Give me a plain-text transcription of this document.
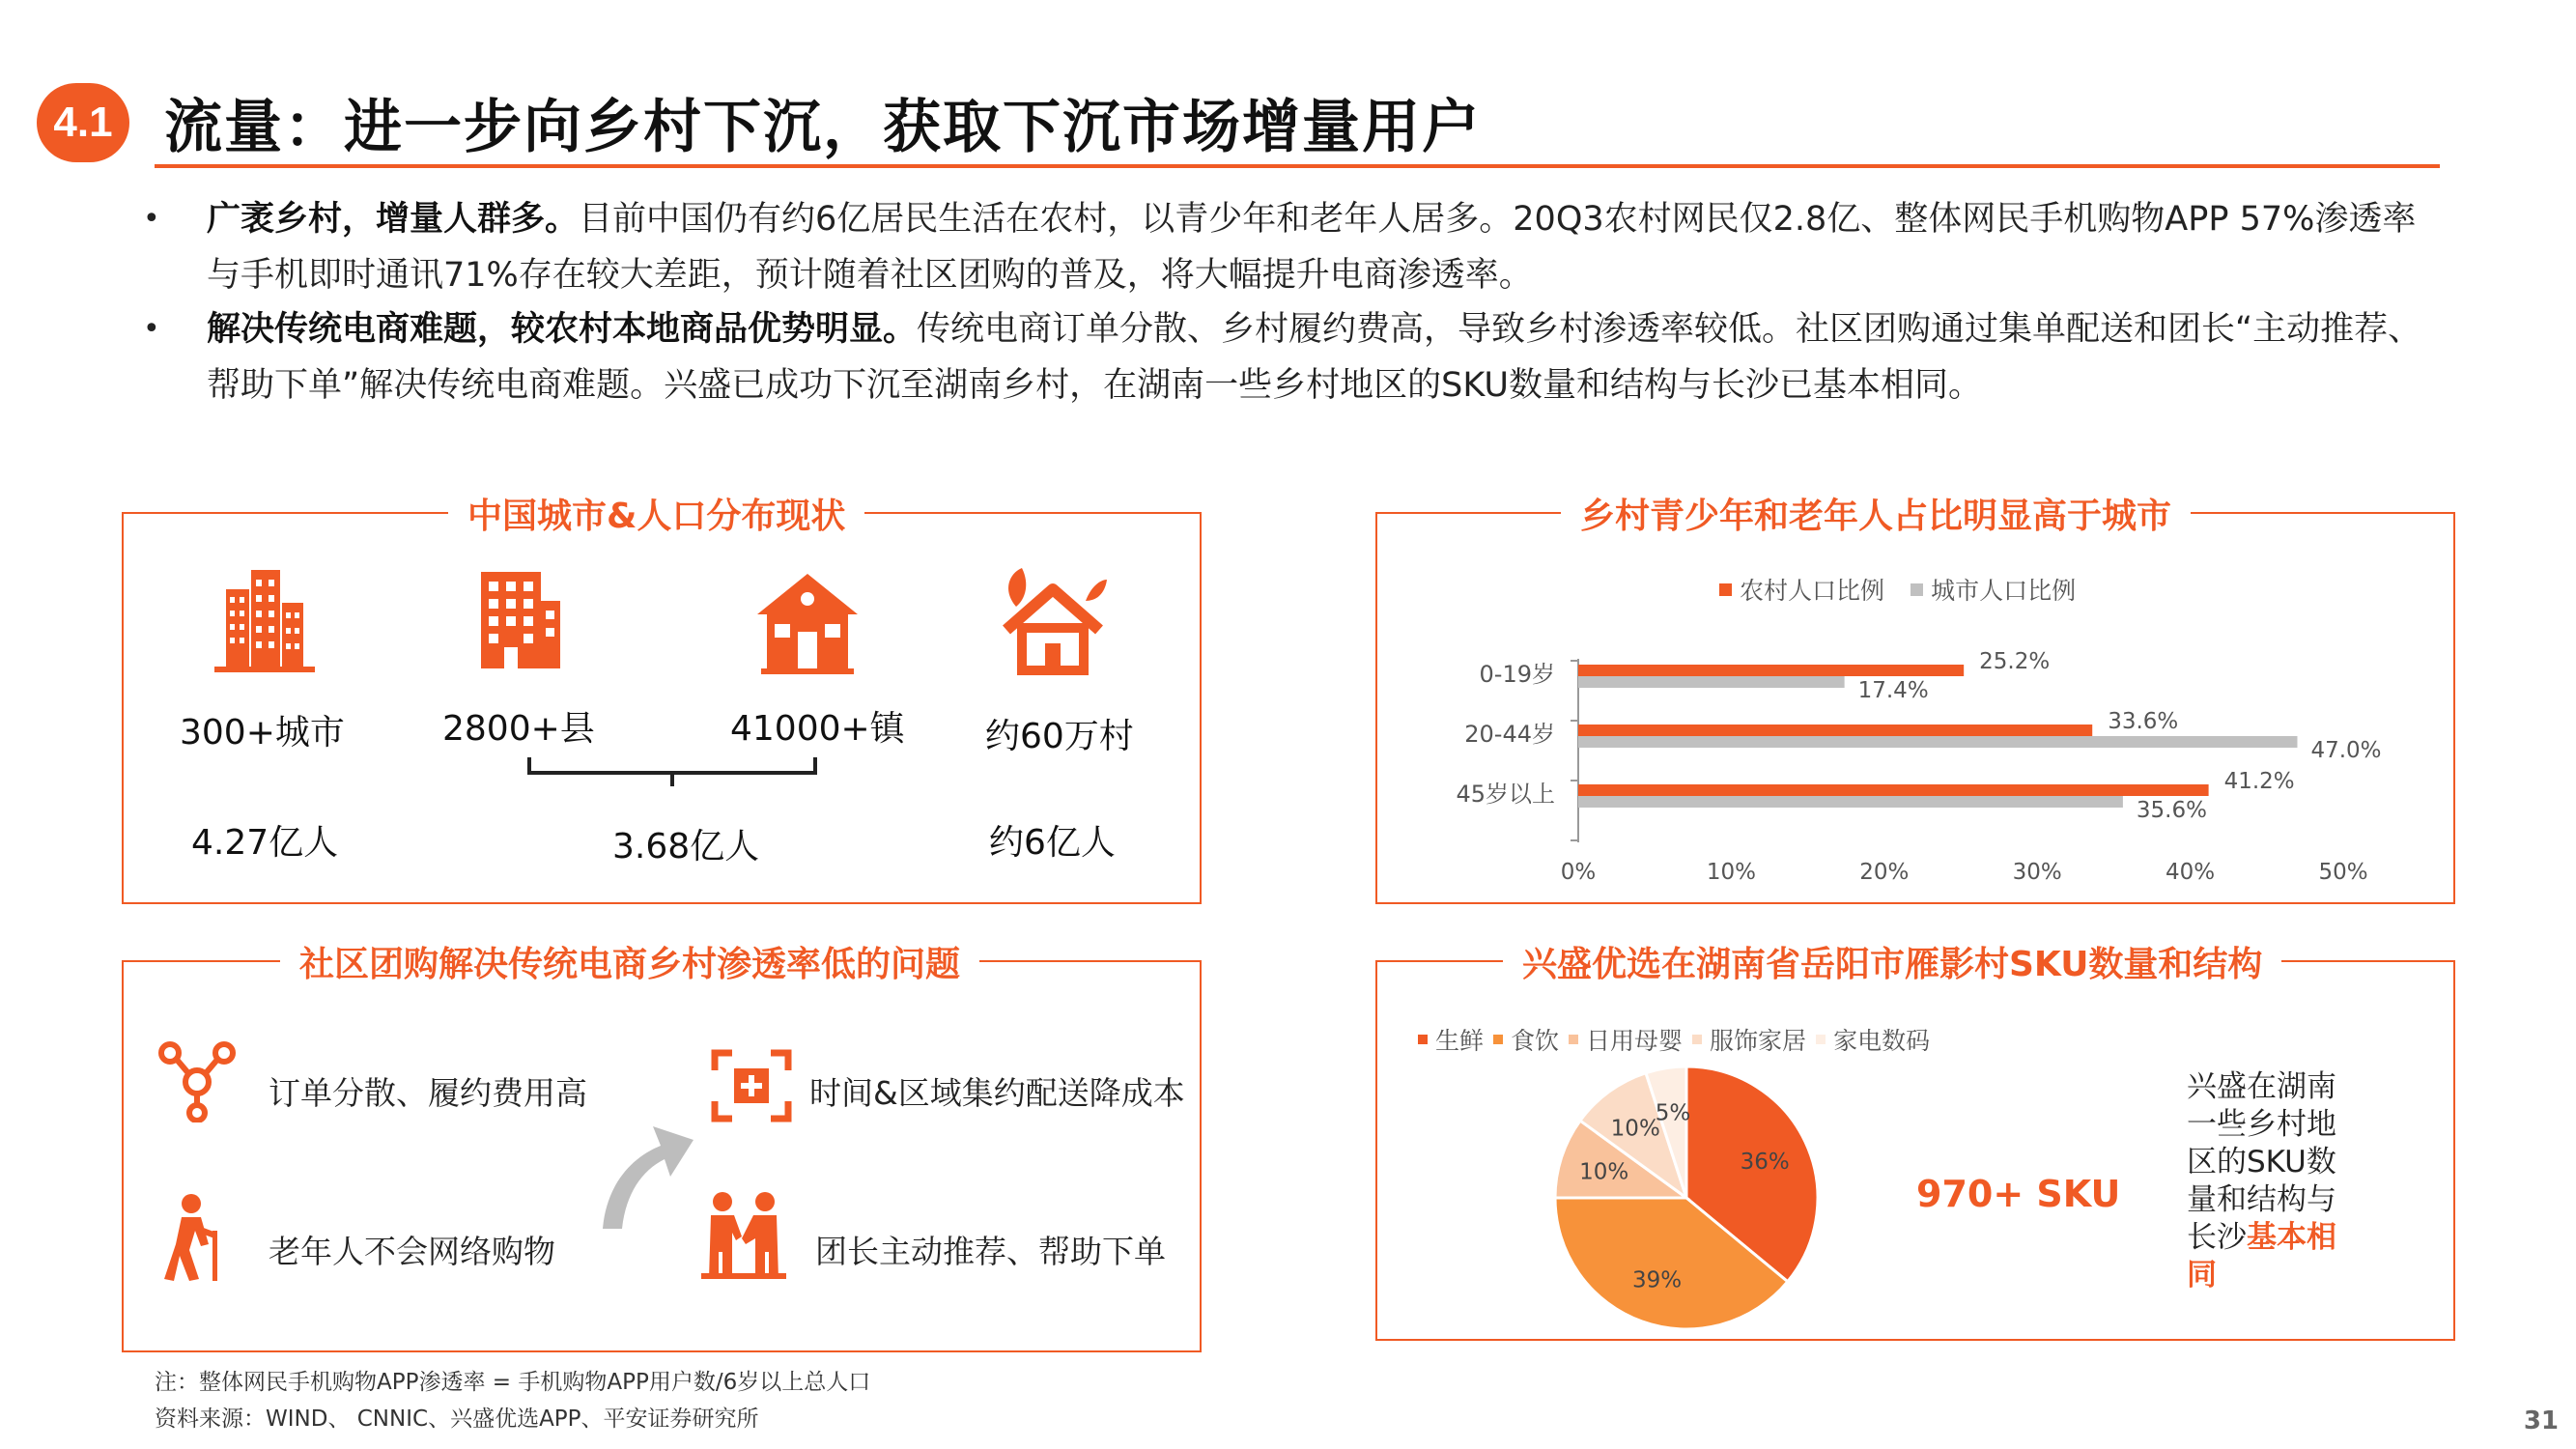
4.1 流量：进一步向乡村下沉，获取下沉市场增量用户
• 广袤乡村，增量人群多。目前中国仍有约6亿居民生活在农村，以青少年和老年人居多。20Q3农村网民仅2.8亿、整体网民手机购物APP 57%渗透率与手机即时通讯71%存在较大差距，预计随着社区团购的普及，将大幅提升电商渗透率。
• 解决传统电商难题，较农村本地商品优势明显。传统电商订单分散、乡村履约费高，导致乡村渗透率较低。社区团购通过集单配送和团长“主动推荐、帮助下单”解决传统电商难题。兴盛已成功下沉至湖南乡村，在湖南一些乡村地区的SKU数量和结构与长沙已基本相同。
中国城市&人口分布现状
300+城市	2800+县	41000+镇 约60万村
4.27亿人	3.68亿人	约6亿人
乡村青少年和老年人占比明显高于城市
农村人口比例
城市人口比例
0-19岁	25.2%
17.4%
20-44岁	33.6%
47.0%
45岁以上	41.2%
35.6%
0%	10%	20%	30%	40%	50%
社区团购解决传统电商乡村渗透率低的问题
订单分散、履约费用高
老年人不会网络购物
时间&区域集约配送降成本
团长主动推荐、帮助下单
兴盛优选在湖南省岳阳市雁影村SKU数量和结构
生鲜 食饮 日用母婴 服饰家居 家电数码
36%
39%
10%
10%
5%
970+ SKU
兴盛在湖南一些乡村地区的SKU数量和结构与长沙基本相同
注：整体网民手机购物APP渗透率 = 手机购物APP用户数/6岁以上总人口
资料来源：WIND、 CNNIC、兴盛优选APP、平安证券研究所	31
